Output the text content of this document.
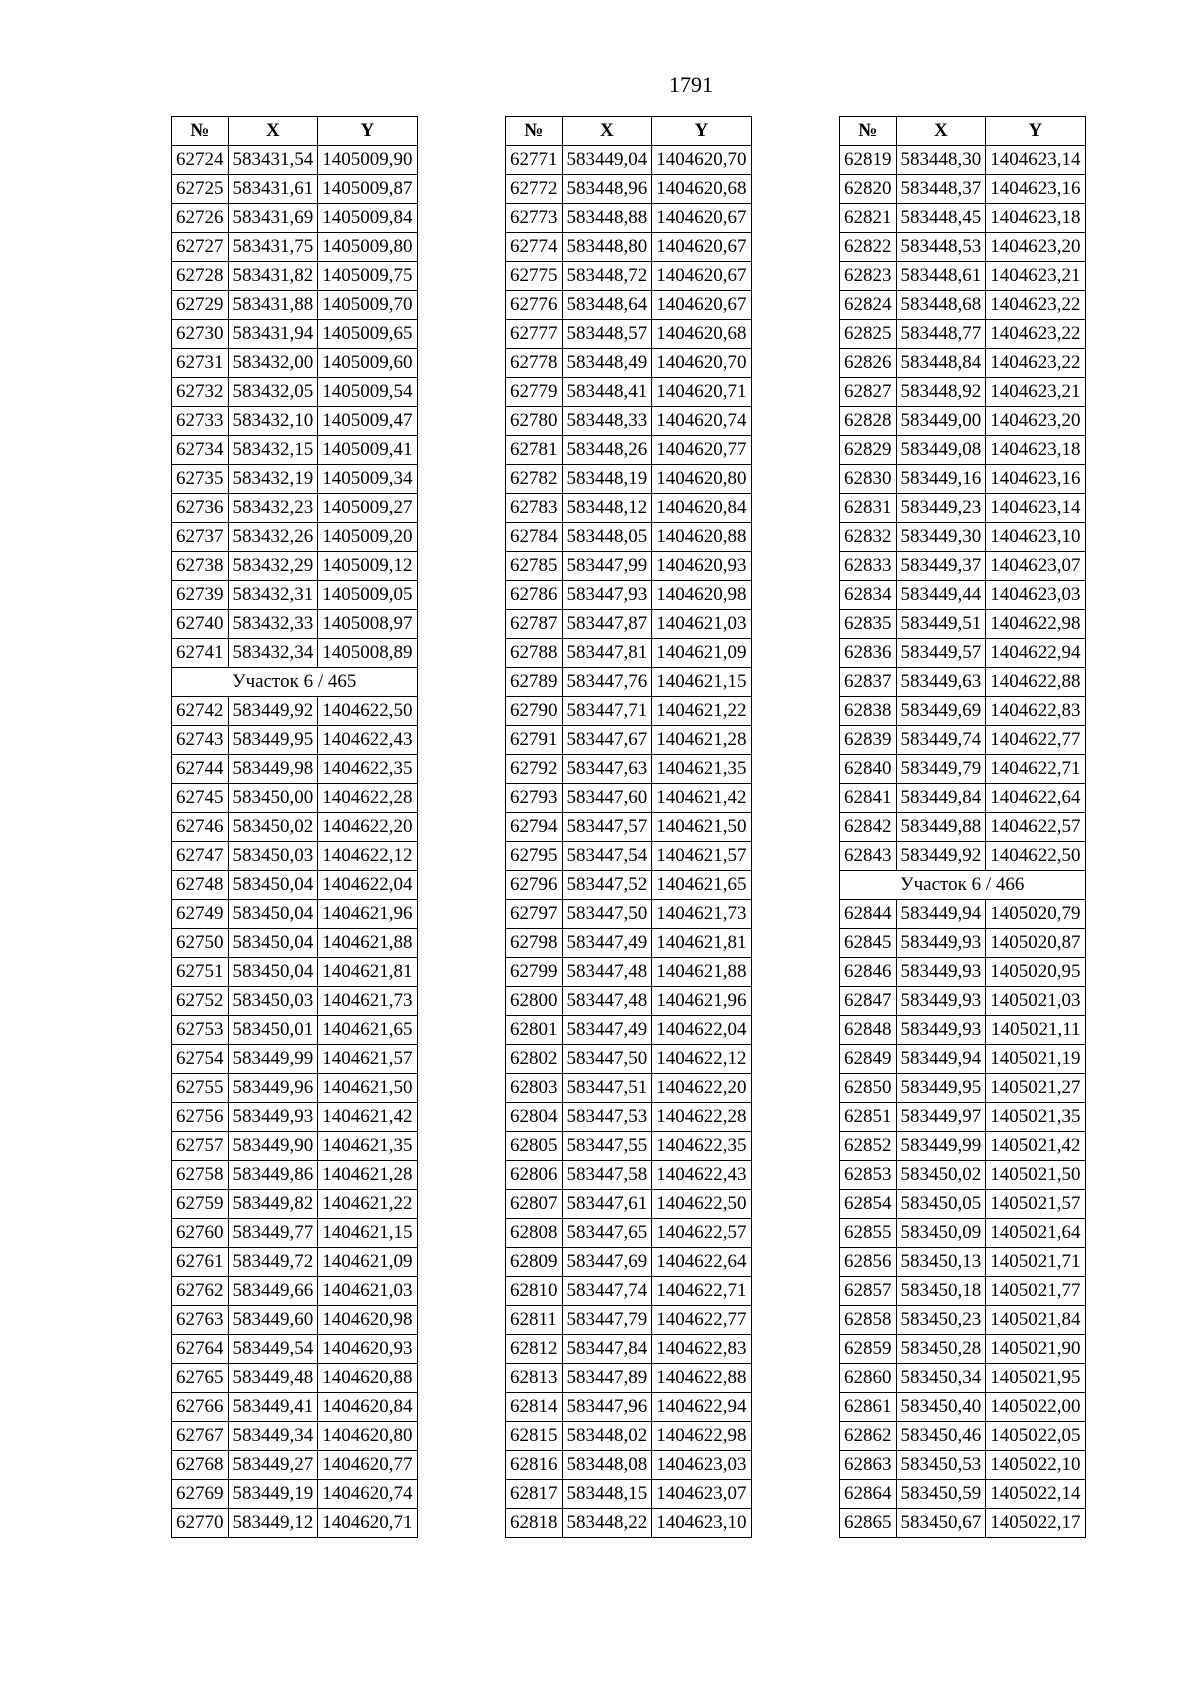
1791
№	X	Y
62724	583431,54	1405009,90
62725	583431,61	1405009,87
62726	583431,69	1405009,84
62727	583431,75	1405009,80
62728	583431,82	1405009,75
62729	583431,88	1405009,70
62730	583431,94	1405009,65
62731	583432,00	1405009,60
62732	583432,05	1405009,54
62733	583432,10	1405009,47
62734	583432,15	1405009,41
62735	583432,19	1405009,34
62736	583432,23	1405009,27
62737	583432,26	1405009,20
62738	583432,29	1405009,12
62739	583432,31	1405009,05
62740	583432,33	1405008,97
62741	583432,34	1405008,89
Участок 6 / 465		
62742	583449,92	1404622,50
62743	583449,95	1404622,43
62744	583449,98	1404622,35
62745	583450,00	1404622,28
62746	583450,02	1404622,20
62747	583450,03	1404622,12
62748	583450,04	1404622,04
62749	583450,04	1404621,96
62750	583450,04	1404621,88
62751	583450,04	1404621,81
62752	583450,03	1404621,73
62753	583450,01	1404621,65
62754	583449,99	1404621,57
62755	583449,96	1404621,50
62756	583449,93	1404621,42
62757	583449,90	1404621,35
62758	583449,86	1404621,28
62759	583449,82	1404621,22
62760	583449,77	1404621,15
62761	583449,72	1404621,09
62762	583449,66	1404621,03
62763	583449,60	1404620,98
62764	583449,54	1404620,93
62765	583449,48	1404620,88
62766	583449,41	1404620,84
62767	583449,34	1404620,80
62768	583449,27	1404620,77
62769	583449,19	1404620,74
62770	583449,12	1404620,71
№	X	Y
62771	583449,04	1404620,70
62772	583448,96	1404620,68
62773	583448,88	1404620,67
62774	583448,80	1404620,67
62775	583448,72	1404620,67
62776	583448,64	1404620,67
62777	583448,57	1404620,68
62778	583448,49	1404620,70
62779	583448,41	1404620,71
62780	583448,33	1404620,74
62781	583448,26	1404620,77
62782	583448,19	1404620,80
62783	583448,12	1404620,84
62784	583448,05	1404620,88
62785	583447,99	1404620,93
62786	583447,93	1404620,98
62787	583447,87	1404621,03
62788	583447,81	1404621,09
62789	583447,76	1404621,15
62790	583447,71	1404621,22
62791	583447,67	1404621,28
62792	583447,63	1404621,35
62793	583447,60	1404621,42
62794	583447,57	1404621,50
62795	583447,54	1404621,57
62796	583447,52	1404621,65
62797	583447,50	1404621,73
62798	583447,49	1404621,81
62799	583447,48	1404621,88
62800	583447,48	1404621,96
62801	583447,49	1404622,04
62802	583447,50	1404622,12
62803	583447,51	1404622,20
62804	583447,53	1404622,28
62805	583447,55	1404622,35
62806	583447,58	1404622,43
62807	583447,61	1404622,50
62808	583447,65	1404622,57
62809	583447,69	1404622,64
62810	583447,74	1404622,71
62811	583447,79	1404622,77
62812	583447,84	1404622,83
62813	583447,89	1404622,88
62814	583447,96	1404622,94
62815	583448,02	1404622,98
62816	583448,08	1404623,03
62817	583448,15	1404623,07
62818	583448,22	1404623,10
№	X	Y
62819	583448,30	1404623,14
62820	583448,37	1404623,16
62821	583448,45	1404623,18
62822	583448,53	1404623,20
62823	583448,61	1404623,21
62824	583448,68	1404623,22
62825	583448,77	1404623,22
62826	583448,84	1404623,22
62827	583448,92	1404623,21
62828	583449,00	1404623,20
62829	583449,08	1404623,18
62830	583449,16	1404623,16
62831	583449,23	1404623,14
62832	583449,30	1404623,10
62833	583449,37	1404623,07
62834	583449,44	1404623,03
62835	583449,51	1404622,98
62836	583449,57	1404622,94
62837	583449,63	1404622,88
62838	583449,69	1404622,83
62839	583449,74	1404622,77
62840	583449,79	1404622,71
62841	583449,84	1404622,64
62842	583449,88	1404622,57
62843	583449,92	1404622,50
Участок 6 / 466		
62844	583449,94	1405020,79
62845	583449,93	1405020,87
62846	583449,93	1405020,95
62847	583449,93	1405021,03
62848	583449,93	1405021,11
62849	583449,94	1405021,19
62850	583449,95	1405021,27
62851	583449,97	1405021,35
62852	583449,99	1405021,42
62853	583450,02	1405021,50
62854	583450,05	1405021,57
62855	583450,09	1405021,64
62856	583450,13	1405021,71
62857	583450,18	1405021,77
62858	583450,23	1405021,84
62859	583450,28	1405021,90
62860	583450,34	1405021,95
62861	583450,40	1405022,00
62862	583450,46	1405022,05
62863	583450,53	1405022,10
62864	583450,59	1405022,14
62865	583450,67	1405022,17
